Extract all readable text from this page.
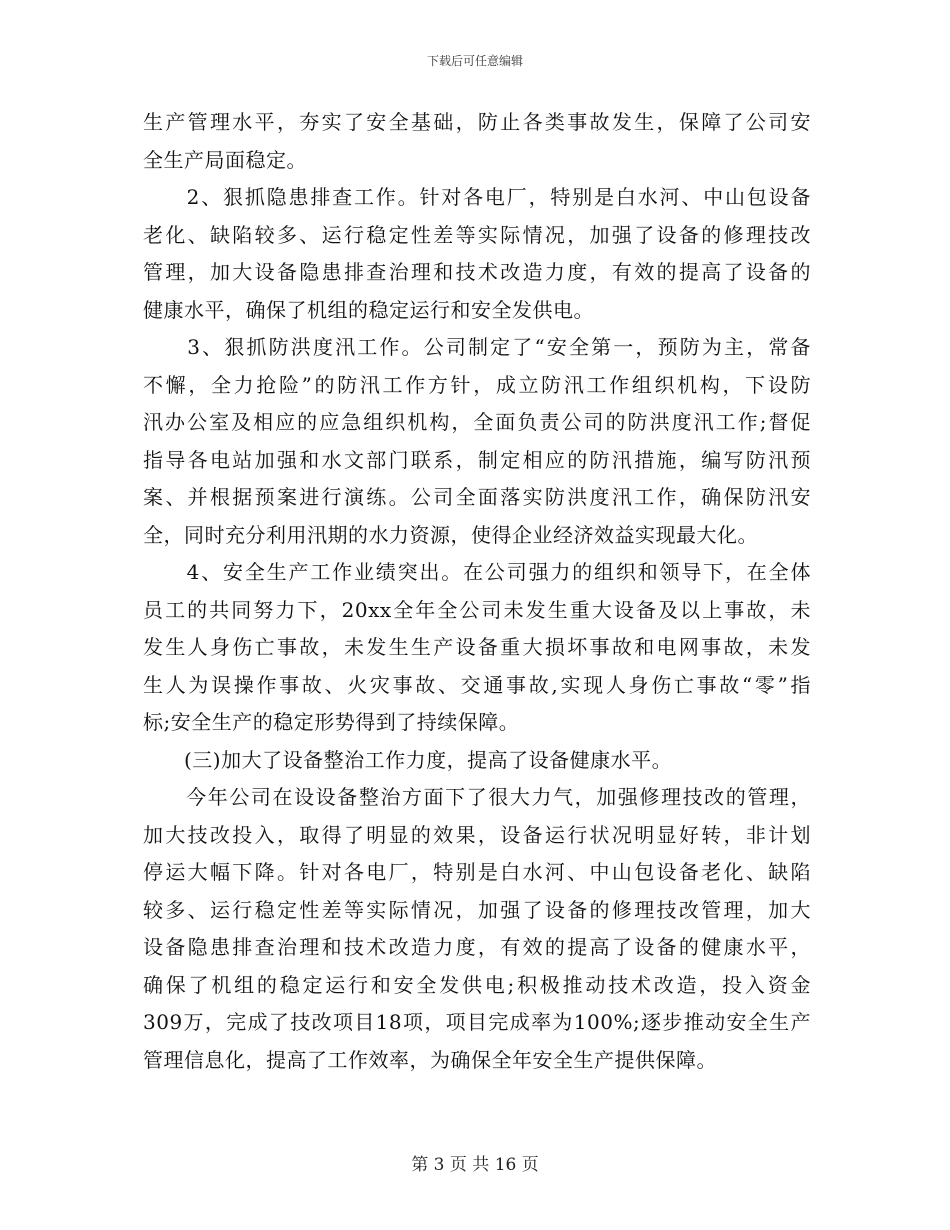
下载后可任意编辑
生产管理水平，夯实了安全基础，防止各类事故发生，保障了公司安
全生产局面稳定。
　　2、狠抓隐患排查工作。针对各电厂，特别是白水河、中山包设备
老化、缺陷较多、运行稳定性差等实际情况，加强了设备的修理技改
管理，加大设备隐患排查治理和技术改造力度，有效的提高了设备的
健康水平，确保了机组的稳定运行和安全发供电。
　　3、狠抓防洪度汛工作。公司制定了“安全第一，预防为主，常备
不懈，全力抢险”的防汛工作方针，成立防汛工作组织机构，下设防
汛办公室及相应的应急组织机构，全面负责公司的防洪度汛工作;督促
指导各电站加强和水文部门联系，制定相应的防汛措施，编写防汛预
案、并根据预案进行演练。公司全面落实防洪度汛工作，确保防汛安
全，同时充分利用汛期的水力资源，使得企业经济效益实现最大化。
　　4、安全生产工作业绩突出。在公司强力的组织和领导下，在全体
员工的共同努力下，20xx全年全公司未发生重大设备及以上事故，未
发生人身伤亡事故，未发生生产设备重大损坏事故和电网事故，未发
生人为误操作事故、火灾事故、交通事故,实现人身伤亡事故“零”指
标;安全生产的稳定形势得到了持续保障。
　　(三)加大了设备整治工作力度，提高了设备健康水平。
　　今年公司在设设备整治方面下了很大力气，加强修理技改的管理，
加大技改投入，取得了明显的效果，设备运行状况明显好转，非计划
停运大幅下降。针对各电厂，特别是白水河、中山包设备老化、缺陷
较多、运行稳定性差等实际情况，加强了设备的修理技改管理，加大
设备隐患排查治理和技术改造力度，有效的提高了设备的健康水平，
确保了机组的稳定运行和安全发供电;积极推动技术改造，投入资金
309万，完成了技改项目18项，项目完成率为100%;逐步推动安全生产
管理信息化，提高了工作效率，为确保全年安全生产提供保障。
第 3 页 共 16 页
